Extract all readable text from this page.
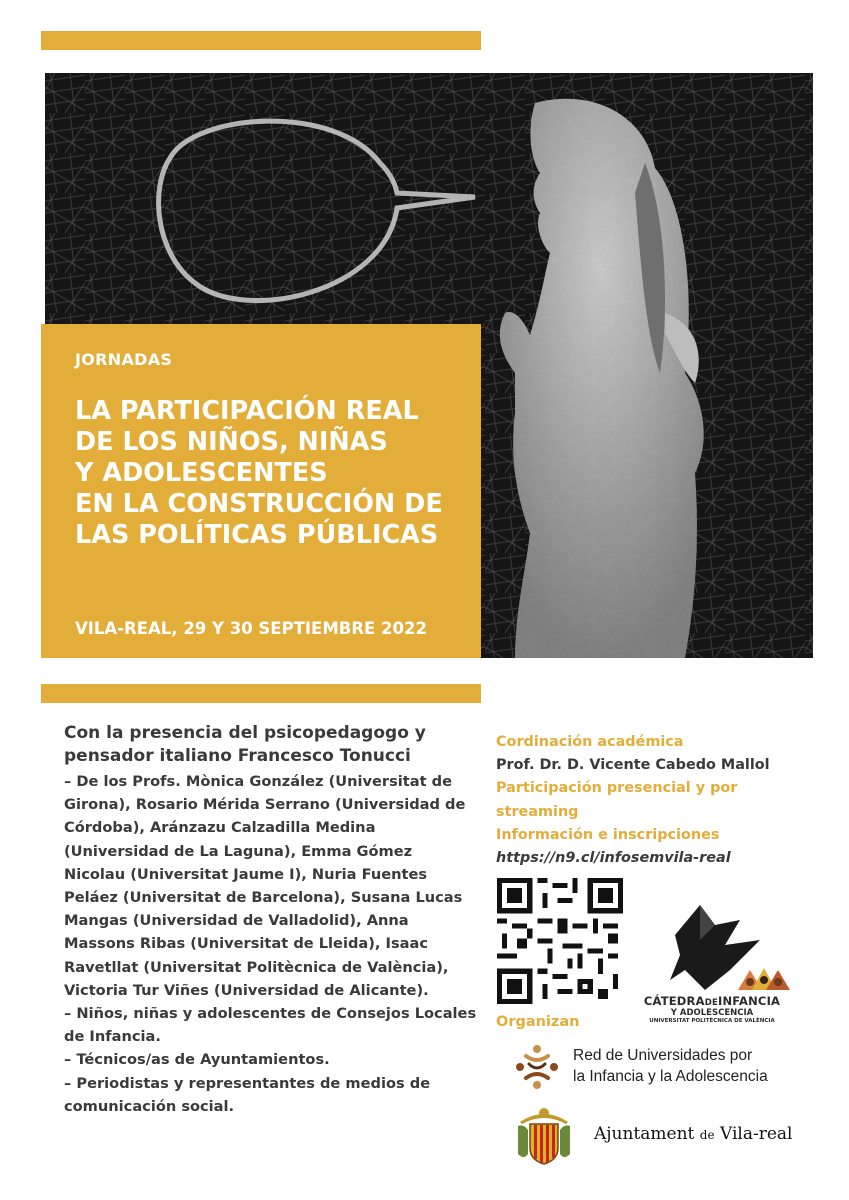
JORNADAS
LA PARTICIPACIÓN REAL
DE LOS NIÑOS, NIÑAS
Y ADOLESCENTES
EN LA CONSTRUCCIÓN DE
LAS POLÍTICAS PÚBLICAS
VILA-REAL, 29 Y 30 SEPTIEMBRE 2022
Con la presencia del psicopedagogo y
pensador italiano Francesco Tonucci
– De los Profs. Mònica González (Universitat de
Girona), Rosario Mérida Serrano (Universidad de
Córdoba), Aránzazu Calzadilla Medina
(Universidad de La Laguna), Emma Gómez
Nicolau (Universitat Jaume I), Nuria Fuentes
Peláez (Universitat de Barcelona), Susana Lucas
Mangas (Universidad de Valladolid), Anna
Massons Ribas (Universitat de Lleida), Isaac
Ravetllat (Universitat Politècnica de València),
Victoria Tur Viñes (Universidad de Alicante).
– Niños, niñas y adolescentes de Consejos Locales
de Infancia.
– Técnicos/as de Ayuntamientos.
– Periodistas y representantes de medios de
comunicación social.
Cordinación académica
Prof. Dr. D. Vicente Cabedo Mallol
Participación presencial y por
streaming
Información e inscripciones
https://n9.cl/infosemvila-real
Organizan
CÁTEDRADEINFANCIA
Y ADOLESCENCIA
UNIVERSITAT POLITÈCNICA DE VALÈNCIA
Red de Universidades por
la Infancia y la Adolescencia
Ajuntament de Vila-real
